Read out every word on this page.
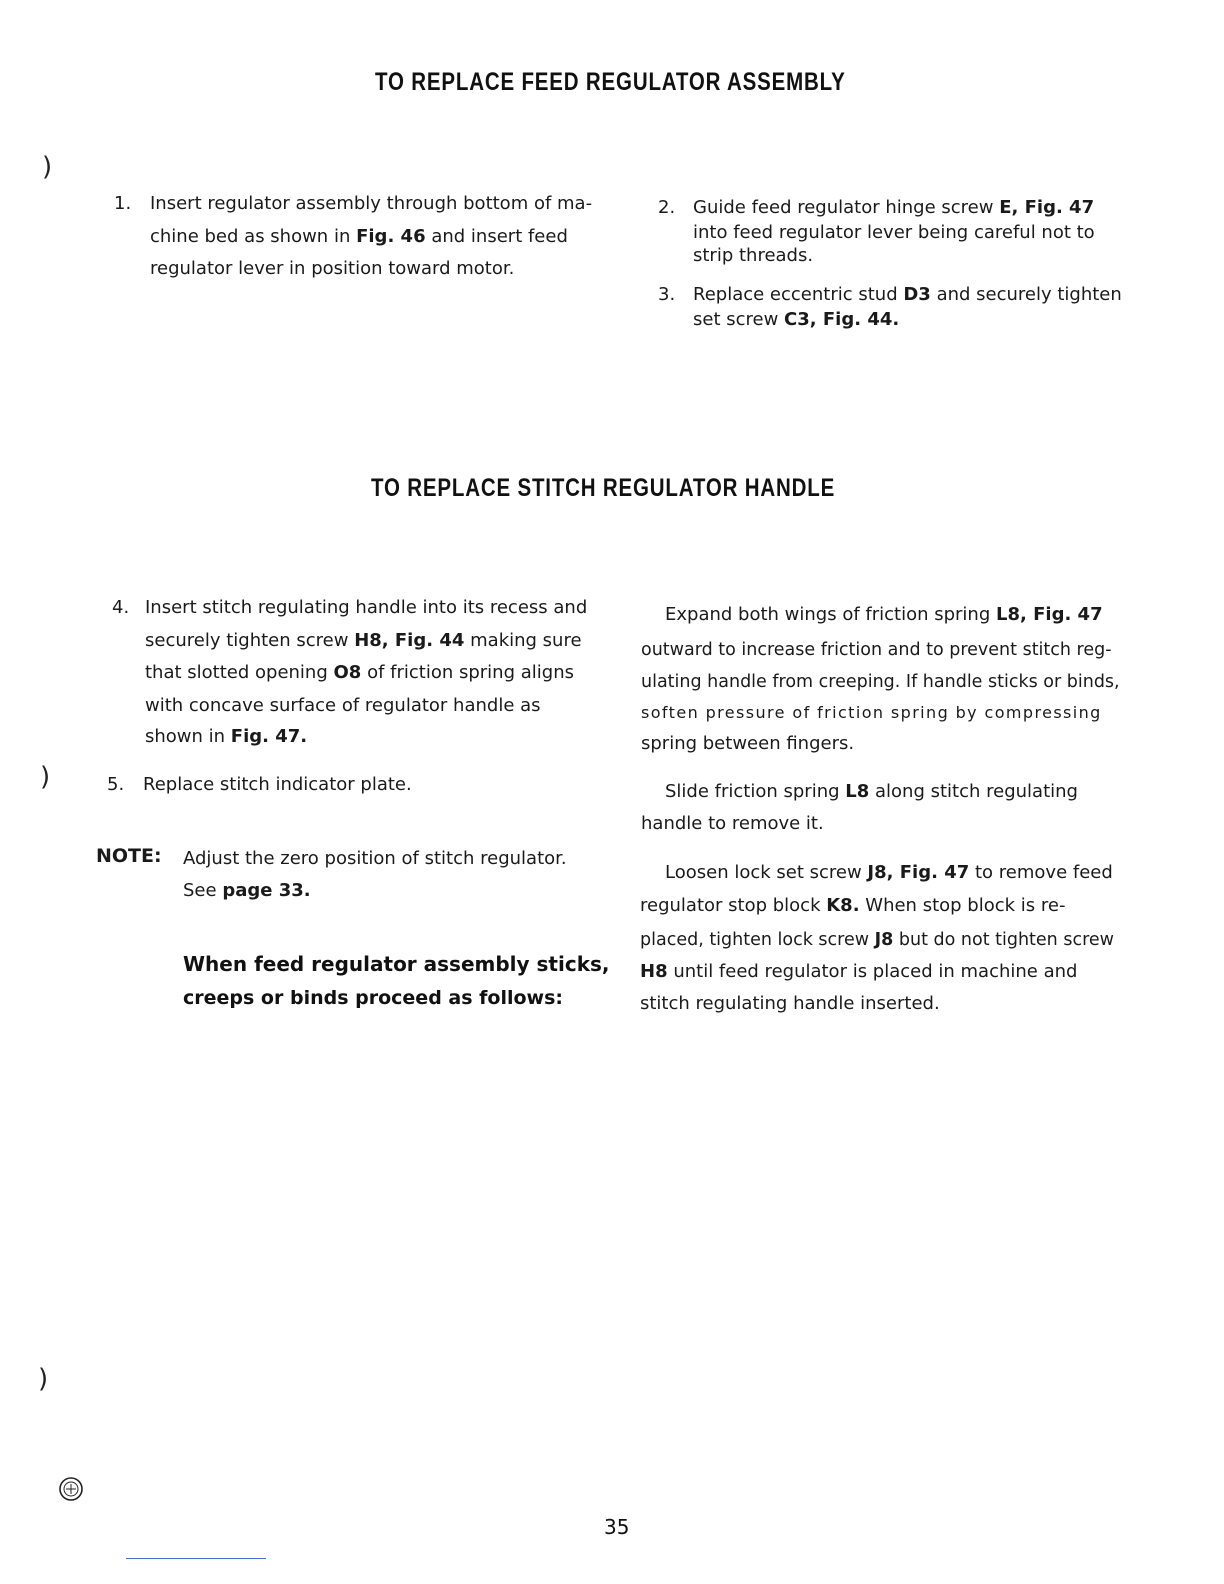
TO REPLACE FEED REGULATOR ASSEMBLY
TO REPLACE STITCH REGULATOR HANDLE
)
)
)
1. Insert regulator assembly through bottom of ma-
chine bed as shown in Fig. 46 and insert feed
regulator lever in position toward motor.
2. Guide feed regulator hinge screw E, Fig. 47
into feed regulator lever being careful not to
strip threads.
3. Replace eccentric stud D3 and securely tighten
set screw C3, Fig. 44.
4. Insert stitch regulating handle into its recess and
securely tighten screw H8, Fig. 44 making sure
that slotted opening O8 of friction spring aligns
with concave surface of regulator handle as
shown in Fig. 47.
5. Replace stitch indicator plate.
NOTE: Adjust the zero position of stitch regulator.
See page 33.
When feed regulator assembly sticks,
creeps or binds proceed as follows:
Expand both wings of friction spring L8, Fig. 47
outward to increase friction and to prevent stitch reg-
ulating handle from creeping. If handle sticks or binds,
soften pressure of friction spring by compressing
spring between fingers.
Slide friction spring L8 along stitch regulating
handle to remove it.
Loosen lock set screw J8, Fig. 47 to remove feed
regulator stop block K8. When stop block is re-
placed, tighten lock screw J8 but do not tighten screw
H8 until feed regulator is placed in machine and
stitch regulating handle inserted.
35
